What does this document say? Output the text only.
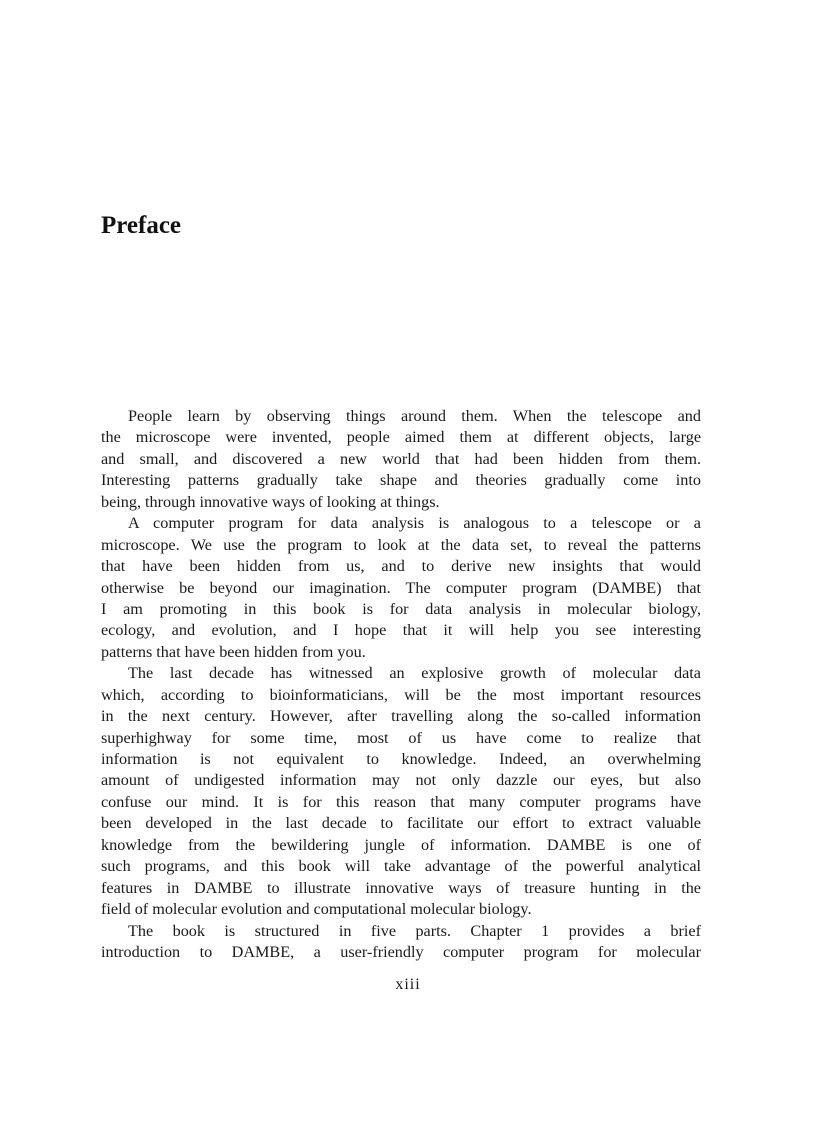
Preface
People learn by observing things around them. When the telescope and
the microscope were invented, people aimed them at different objects, large
and small, and discovered a new world that had been hidden from them.
Interesting patterns gradually take shape and theories gradually come into
being, through innovative ways of looking at things.
A computer program for data analysis is analogous to a telescope or a
microscope. We use the program to look at the data set, to reveal the patterns
that have been hidden from us, and to derive new insights that would
otherwise be beyond our imagination. The computer program (DAMBE) that
I am promoting in this book is for data analysis in molecular biology,
ecology, and evolution, and I hope that it will help you see interesting
patterns that have been hidden from you.
The last decade has witnessed an explosive growth of molecular data
which, according to bioinformaticians, will be the most important resources
in the next century. However, after travelling along the so-called information
superhighway for some time, most of us have come to realize that
information is not equivalent to knowledge. Indeed, an overwhelming
amount of undigested information may not only dazzle our eyes, but also
confuse our mind. It is for this reason that many computer programs have
been developed in the last decade to facilitate our effort to extract valuable
knowledge from the bewildering jungle of information. DAMBE is one of
such programs, and this book will take advantage of the powerful analytical
features in DAMBE to illustrate innovative ways of treasure hunting in the
field of molecular evolution and computational molecular biology.
The book is structured in five parts. Chapter 1 provides a brief
introduction to DAMBE, a user-friendly computer program for molecular
xiii
